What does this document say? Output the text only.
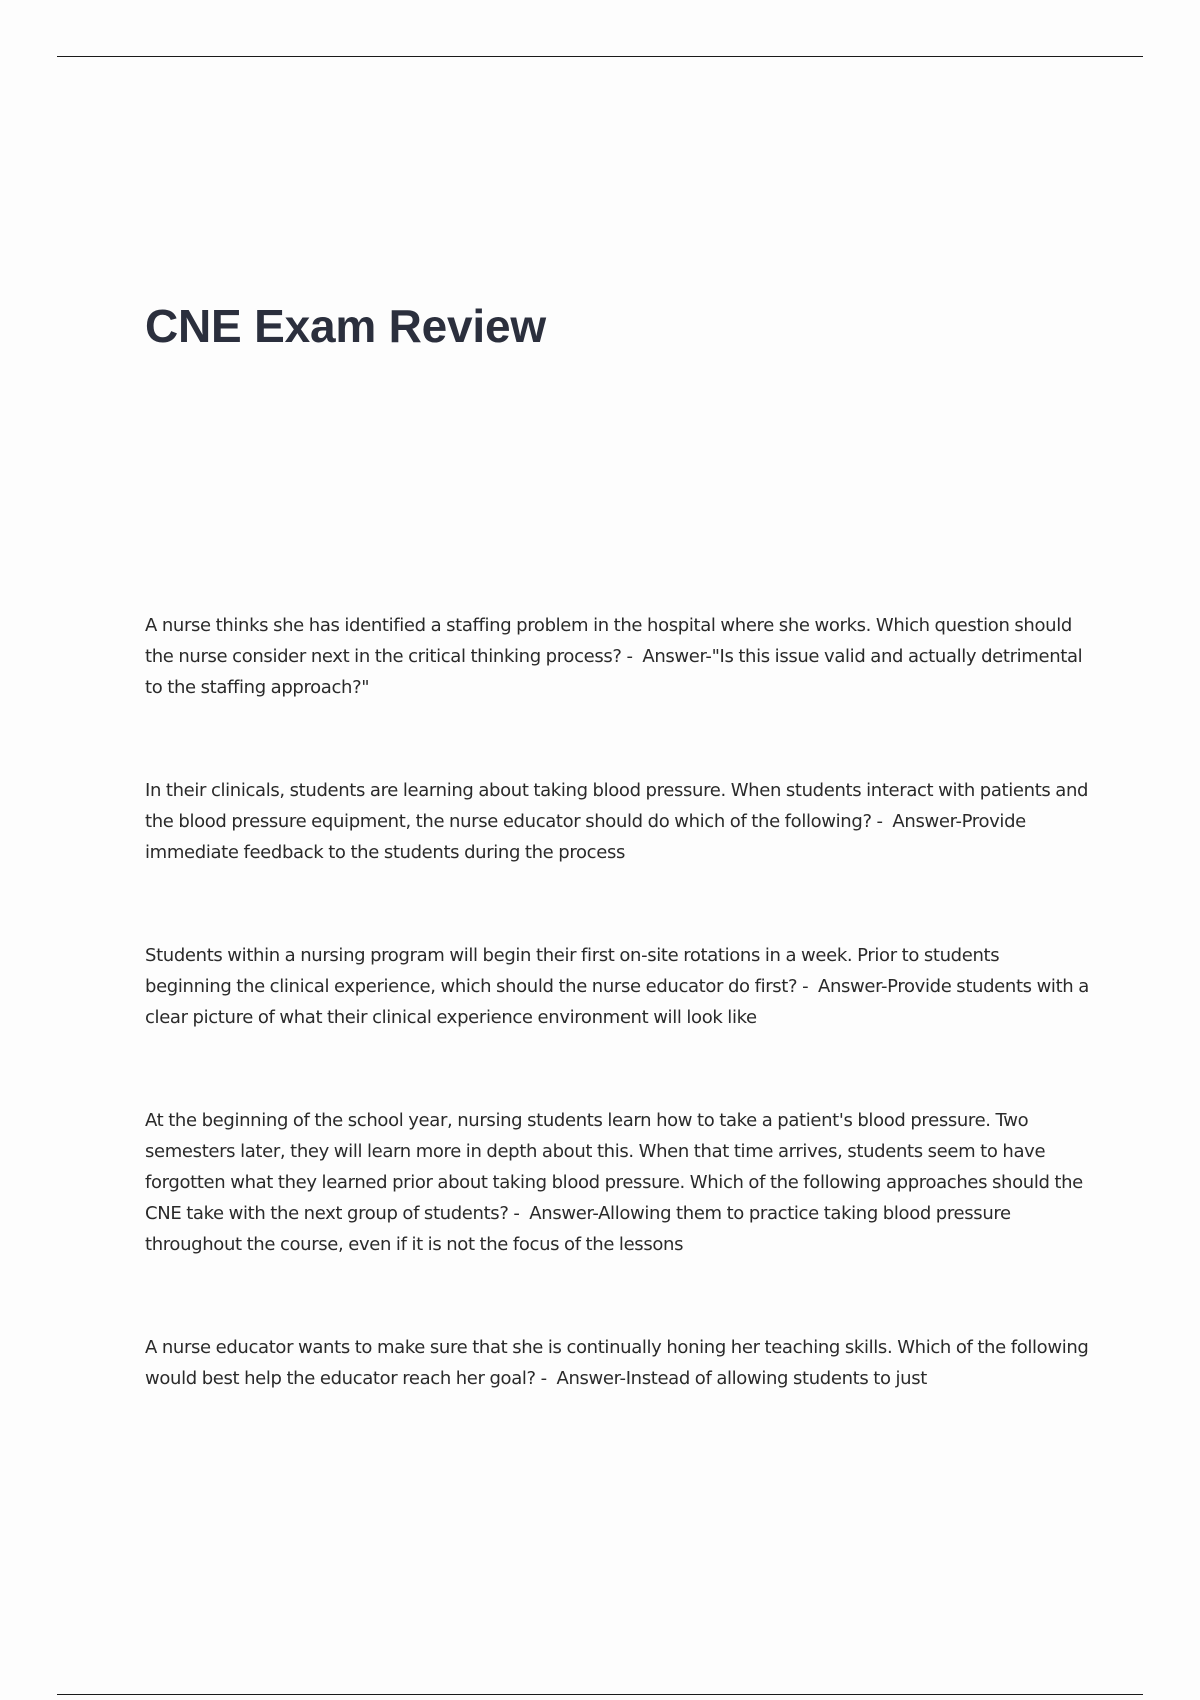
CNE Exam Review

A nurse thinks she has identified a staffing problem in the hospital where she works. Which question should the nurse consider next in the critical thinking process? -  Answer-"Is this issue valid and actually detrimental to the staffing approach?"

In their clinicals, students are learning about taking blood pressure. When students interact with patients and the blood pressure equipment, the nurse educator should do which of the following? -  Answer-Provide immediate feedback to the students during the process

Students within a nursing program will begin their first on-site rotations in a week. Prior to students beginning the clinical experience, which should the nurse educator do first? -  Answer-Provide students with a clear picture of what their clinical experience environment will look like

At the beginning of the school year, nursing students learn how to take a patient's blood pressure. Two semesters later, they will learn more in depth about this. When that time arrives, students seem to have forgotten what they learned prior about taking blood pressure. Which of the following approaches should the CNE take with the next group of students? -  Answer-Allowing them to practice taking blood pressure throughout the course, even if it is not the focus of the lessons

A nurse educator wants to make sure that she is continually honing her teaching skills. Which of the following would best help the educator reach her goal? -  Answer-Instead of allowing students to just
